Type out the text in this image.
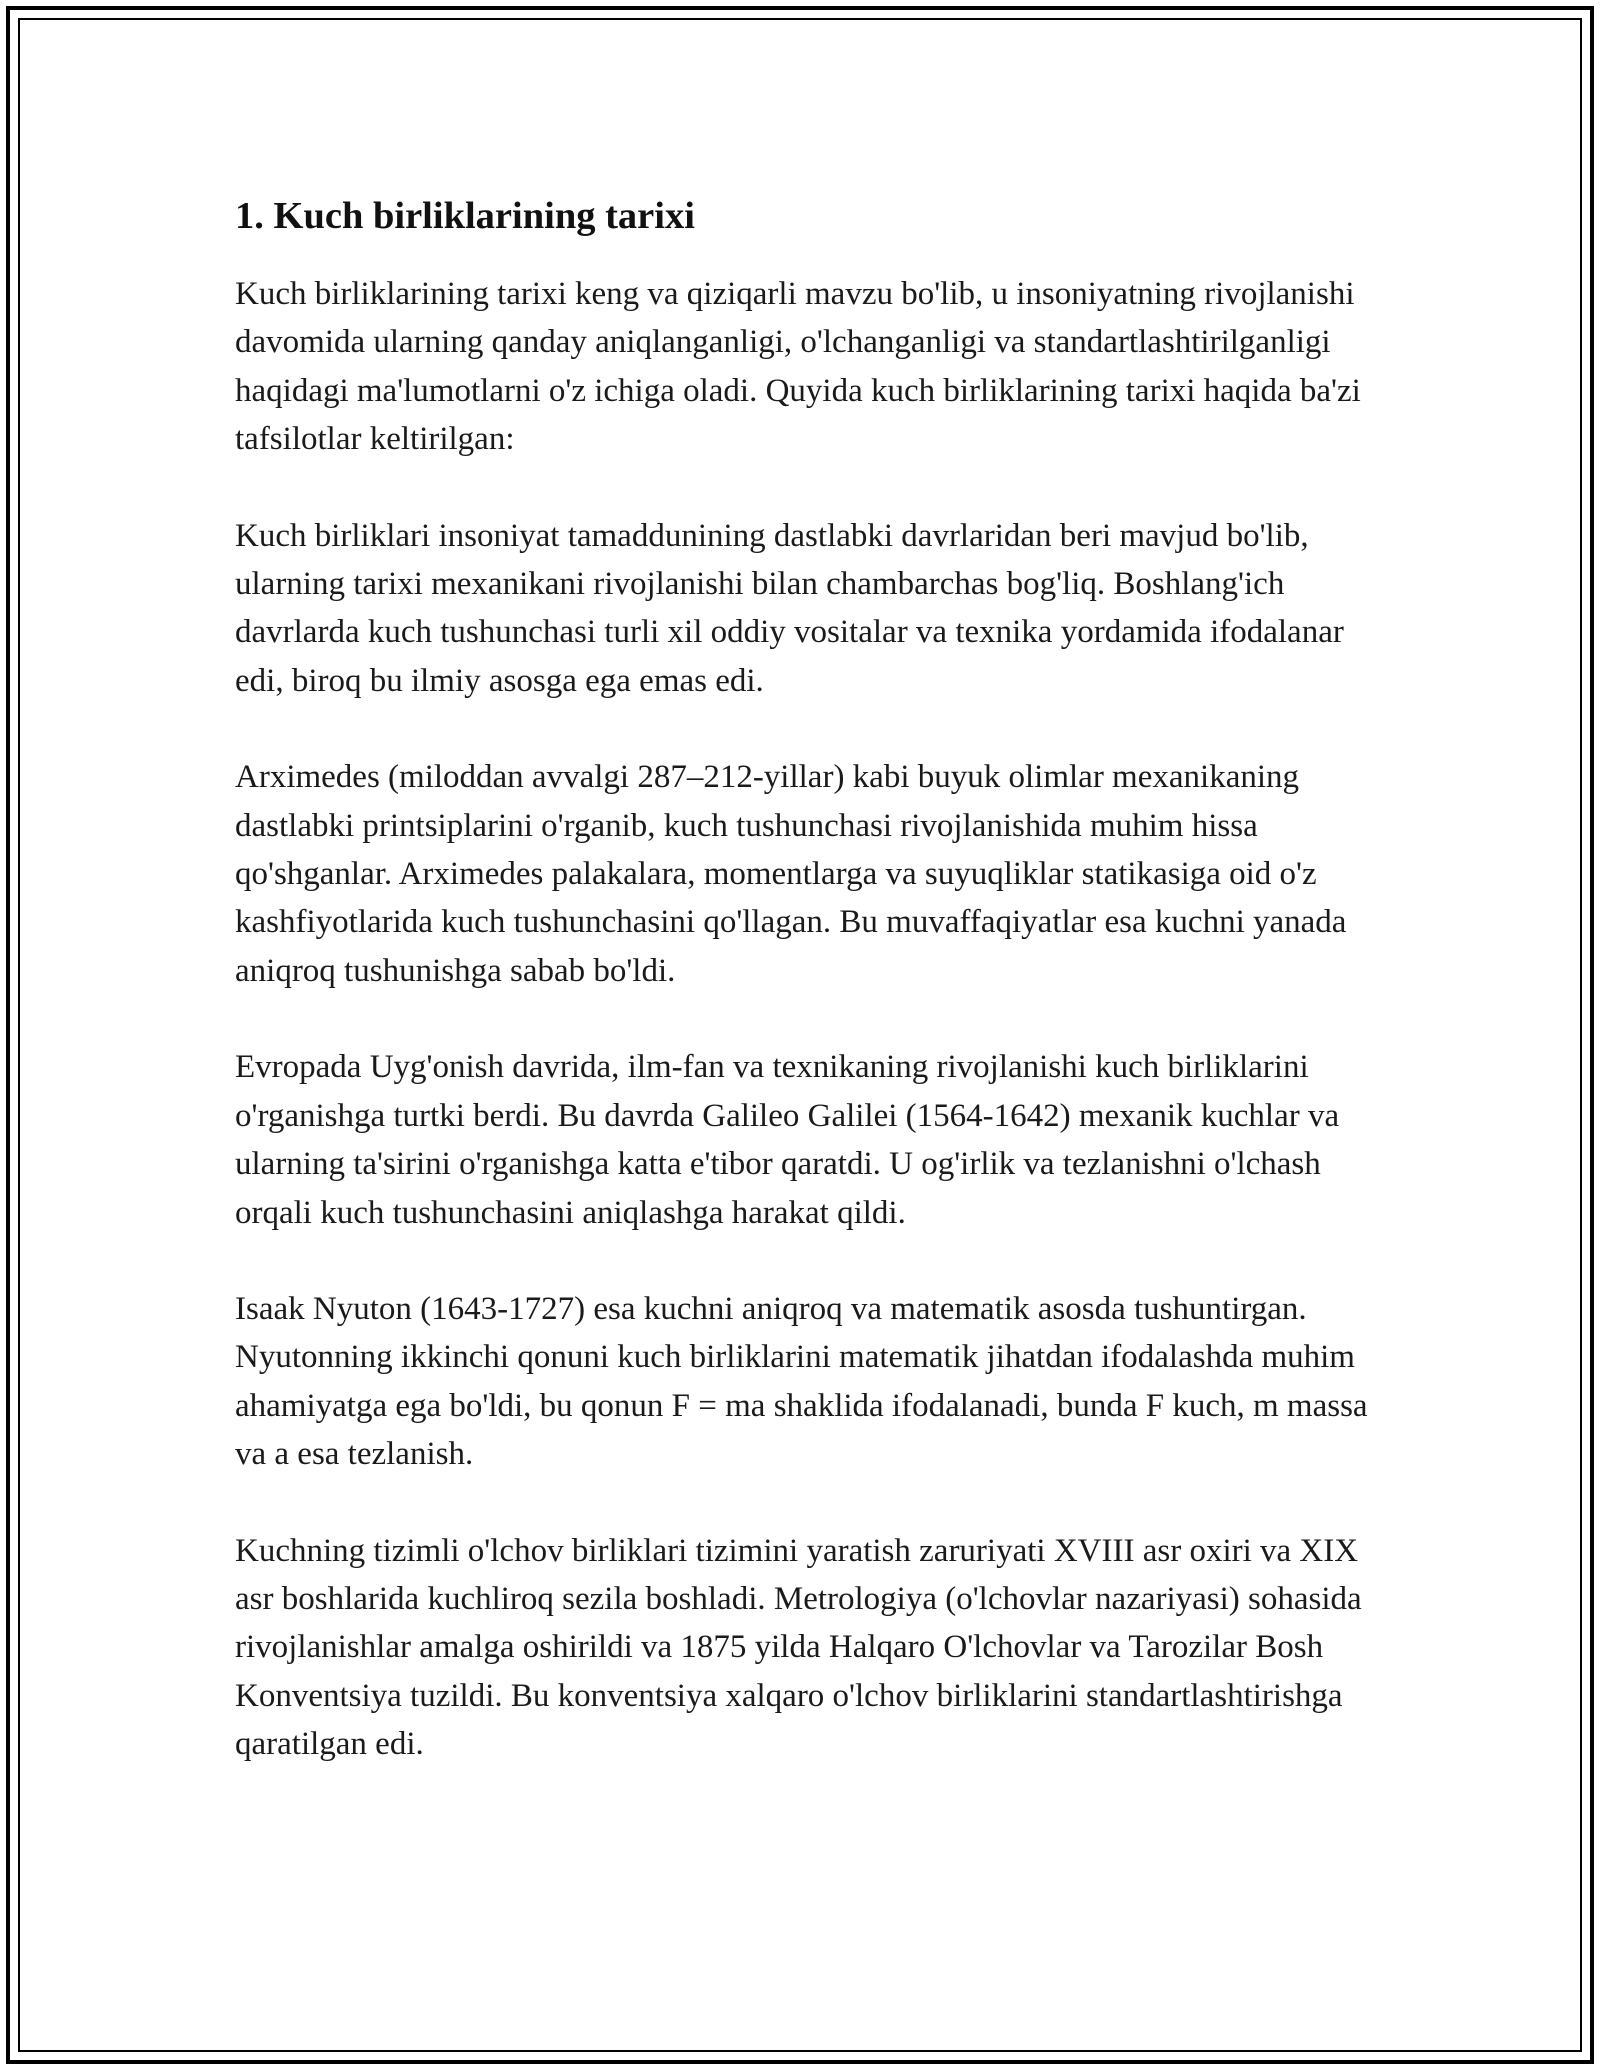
1. Kuch birliklarining tarixi

Kuch birliklarining tarixi keng va qiziqarli mavzu bo'lib, u insoniyatning rivojlanishi davomida ularning qanday aniqlanganligi, o'lchanganligi va standartlashtirilganligi haqidagi ma'lumotlarni o'z ichiga oladi. Quyida kuch birliklarining tarixi haqida ba'zi tafsilotlar keltirilgan:

Kuch birliklari insoniyat tamaddunining dastlabki davrlaridan beri mavjud bo'lib, ularning tarixi mexanikani rivojlanishi bilan chambarchas bog'liq. Boshlang'ich davrlarda kuch tushunchasi turli xil oddiy vositalar va texnika yordamida ifodalanar edi, biroq bu ilmiy asosga ega emas edi.

Arximedes (miloddan avvalgi 287–212-yillar) kabi buyuk olimlar mexanikaning dastlabki printsiplarini o'rganib, kuch tushunchasi rivojlanishida muhim hissa qo'shganlar. Arximedes palakalara, momentlarga va suyuqliklar statikasiga oid o'z kashfiyotlarida kuch tushunchasini qo'llagan. Bu muvaffaqiyatlar esa kuchni yanada aniqroq tushunishga sabab bo'ldi.

Evropada Uyg'onish davrida, ilm-fan va texnikaning rivojlanishi kuch birliklarini o'rganishga turtki berdi. Bu davrda Galileo Galilei (1564-1642) mexanik kuchlar va ularning ta'sirini o'rganishga katta e'tibor qaratdi. U og'irlik va tezlanishni o'lchash orqali kuch tushunchasini aniqlashga harakat qildi.

Isaak Nyuton (1643-1727) esa kuchni aniqroq va matematik asosda tushuntirgan. Nyutonning ikkinchi qonuni kuch birliklarini matematik jihatdan ifodalashda muhim ahamiyatga ega bo'ldi, bu qonun F = ma shaklida ifodalanadi, bunda F kuch, m massa va a esa tezlanish.

Kuchning tizimli o'lchov birliklari tizimini yaratish zaruriyati XVIII asr oxiri va XIX asr boshlarida kuchliroq sezila boshladi. Metrologiya (o'lchovlar nazariyasi) sohasida rivojlanishlar amalga oshirildi va 1875 yilda Halqaro O'lchovlar va Tarozilar Bosh Konventsiya tuzildi. Bu konventsiya xalqaro o'lchov birliklarini standartlashtirishga qaratilgan edi.
